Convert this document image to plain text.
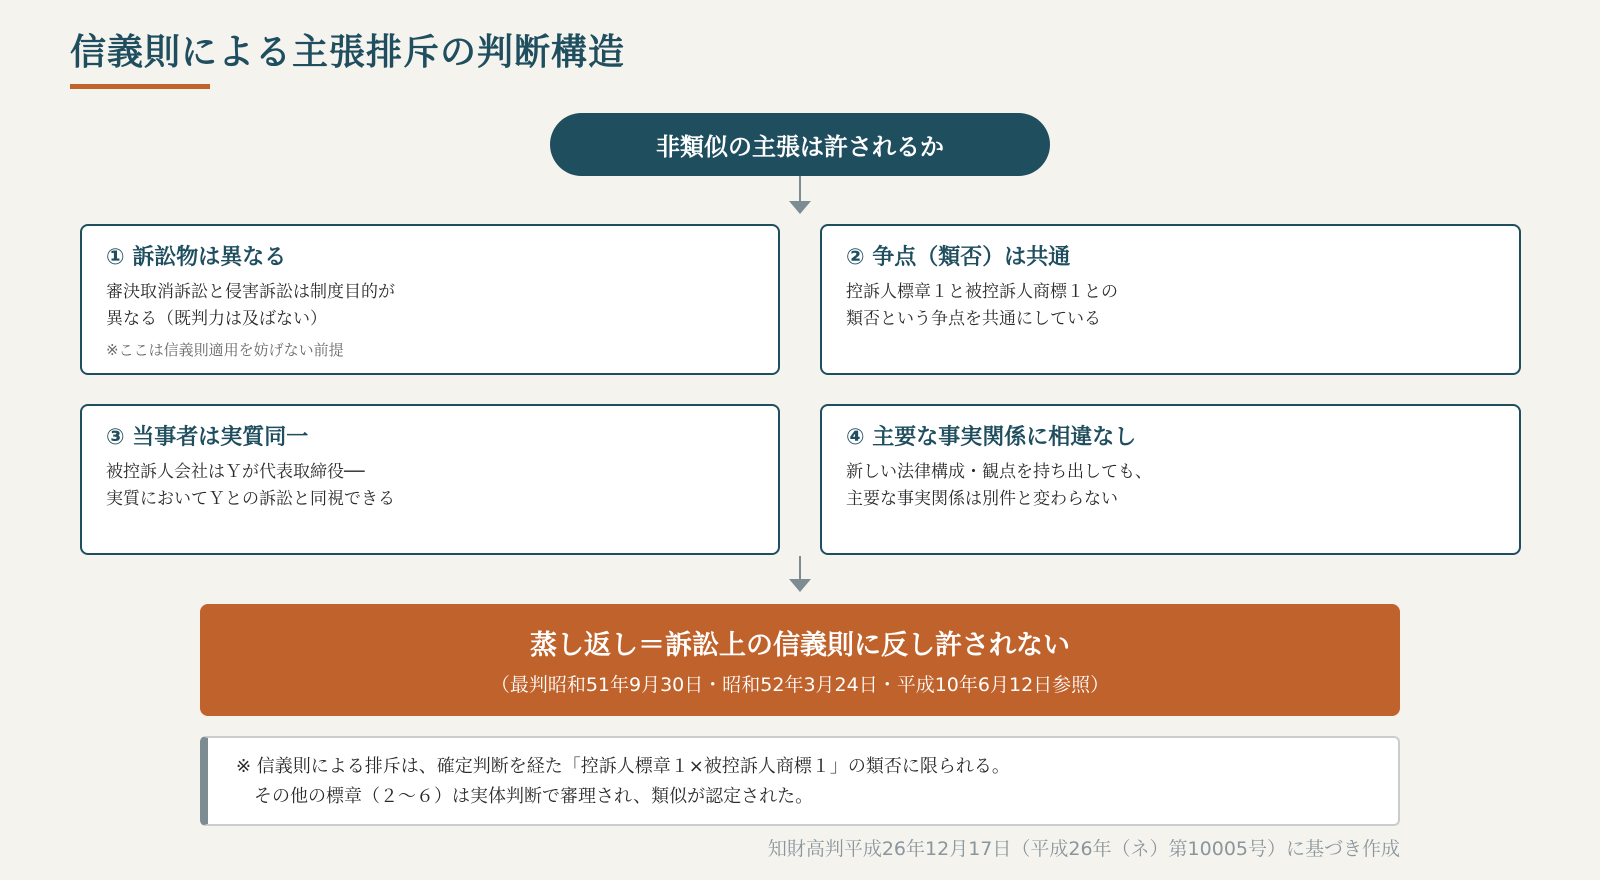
信義則による主張排斥の判断構造
非類似の主張は許されるか
① 訴訟物は異なる
審決取消訴訟と侵害訴訟は制度目的が
異なる（既判力は及ばない）
※ここは信義則適用を妨げない前提
② 争点（類否）は共通
控訴人標章１と被控訴人商標１との
類否という争点を共通にしている
③ 当事者は実質同一
被控訴人会社はＹが代表取締役──
実質においてＹとの訴訟と同視できる
④ 主要な事実関係に相違なし
新しい法律構成・観点を持ち出しても、
主要な事実関係は別件と変わらない
蒸し返し＝訴訟上の信義則に反し許されない
（最判昭和51年9月30日・昭和52年3月24日・平成10年6月12日参照）
※ 信義則による排斥は、確定判断を経た「控訴人標章１×被控訴人商標１」の類否に限られる。
その他の標章（２〜６）は実体判断で審理され、類似が認定された。
知財高判平成26年12月17日（平成26年（ネ）第10005号）に基づき作成
